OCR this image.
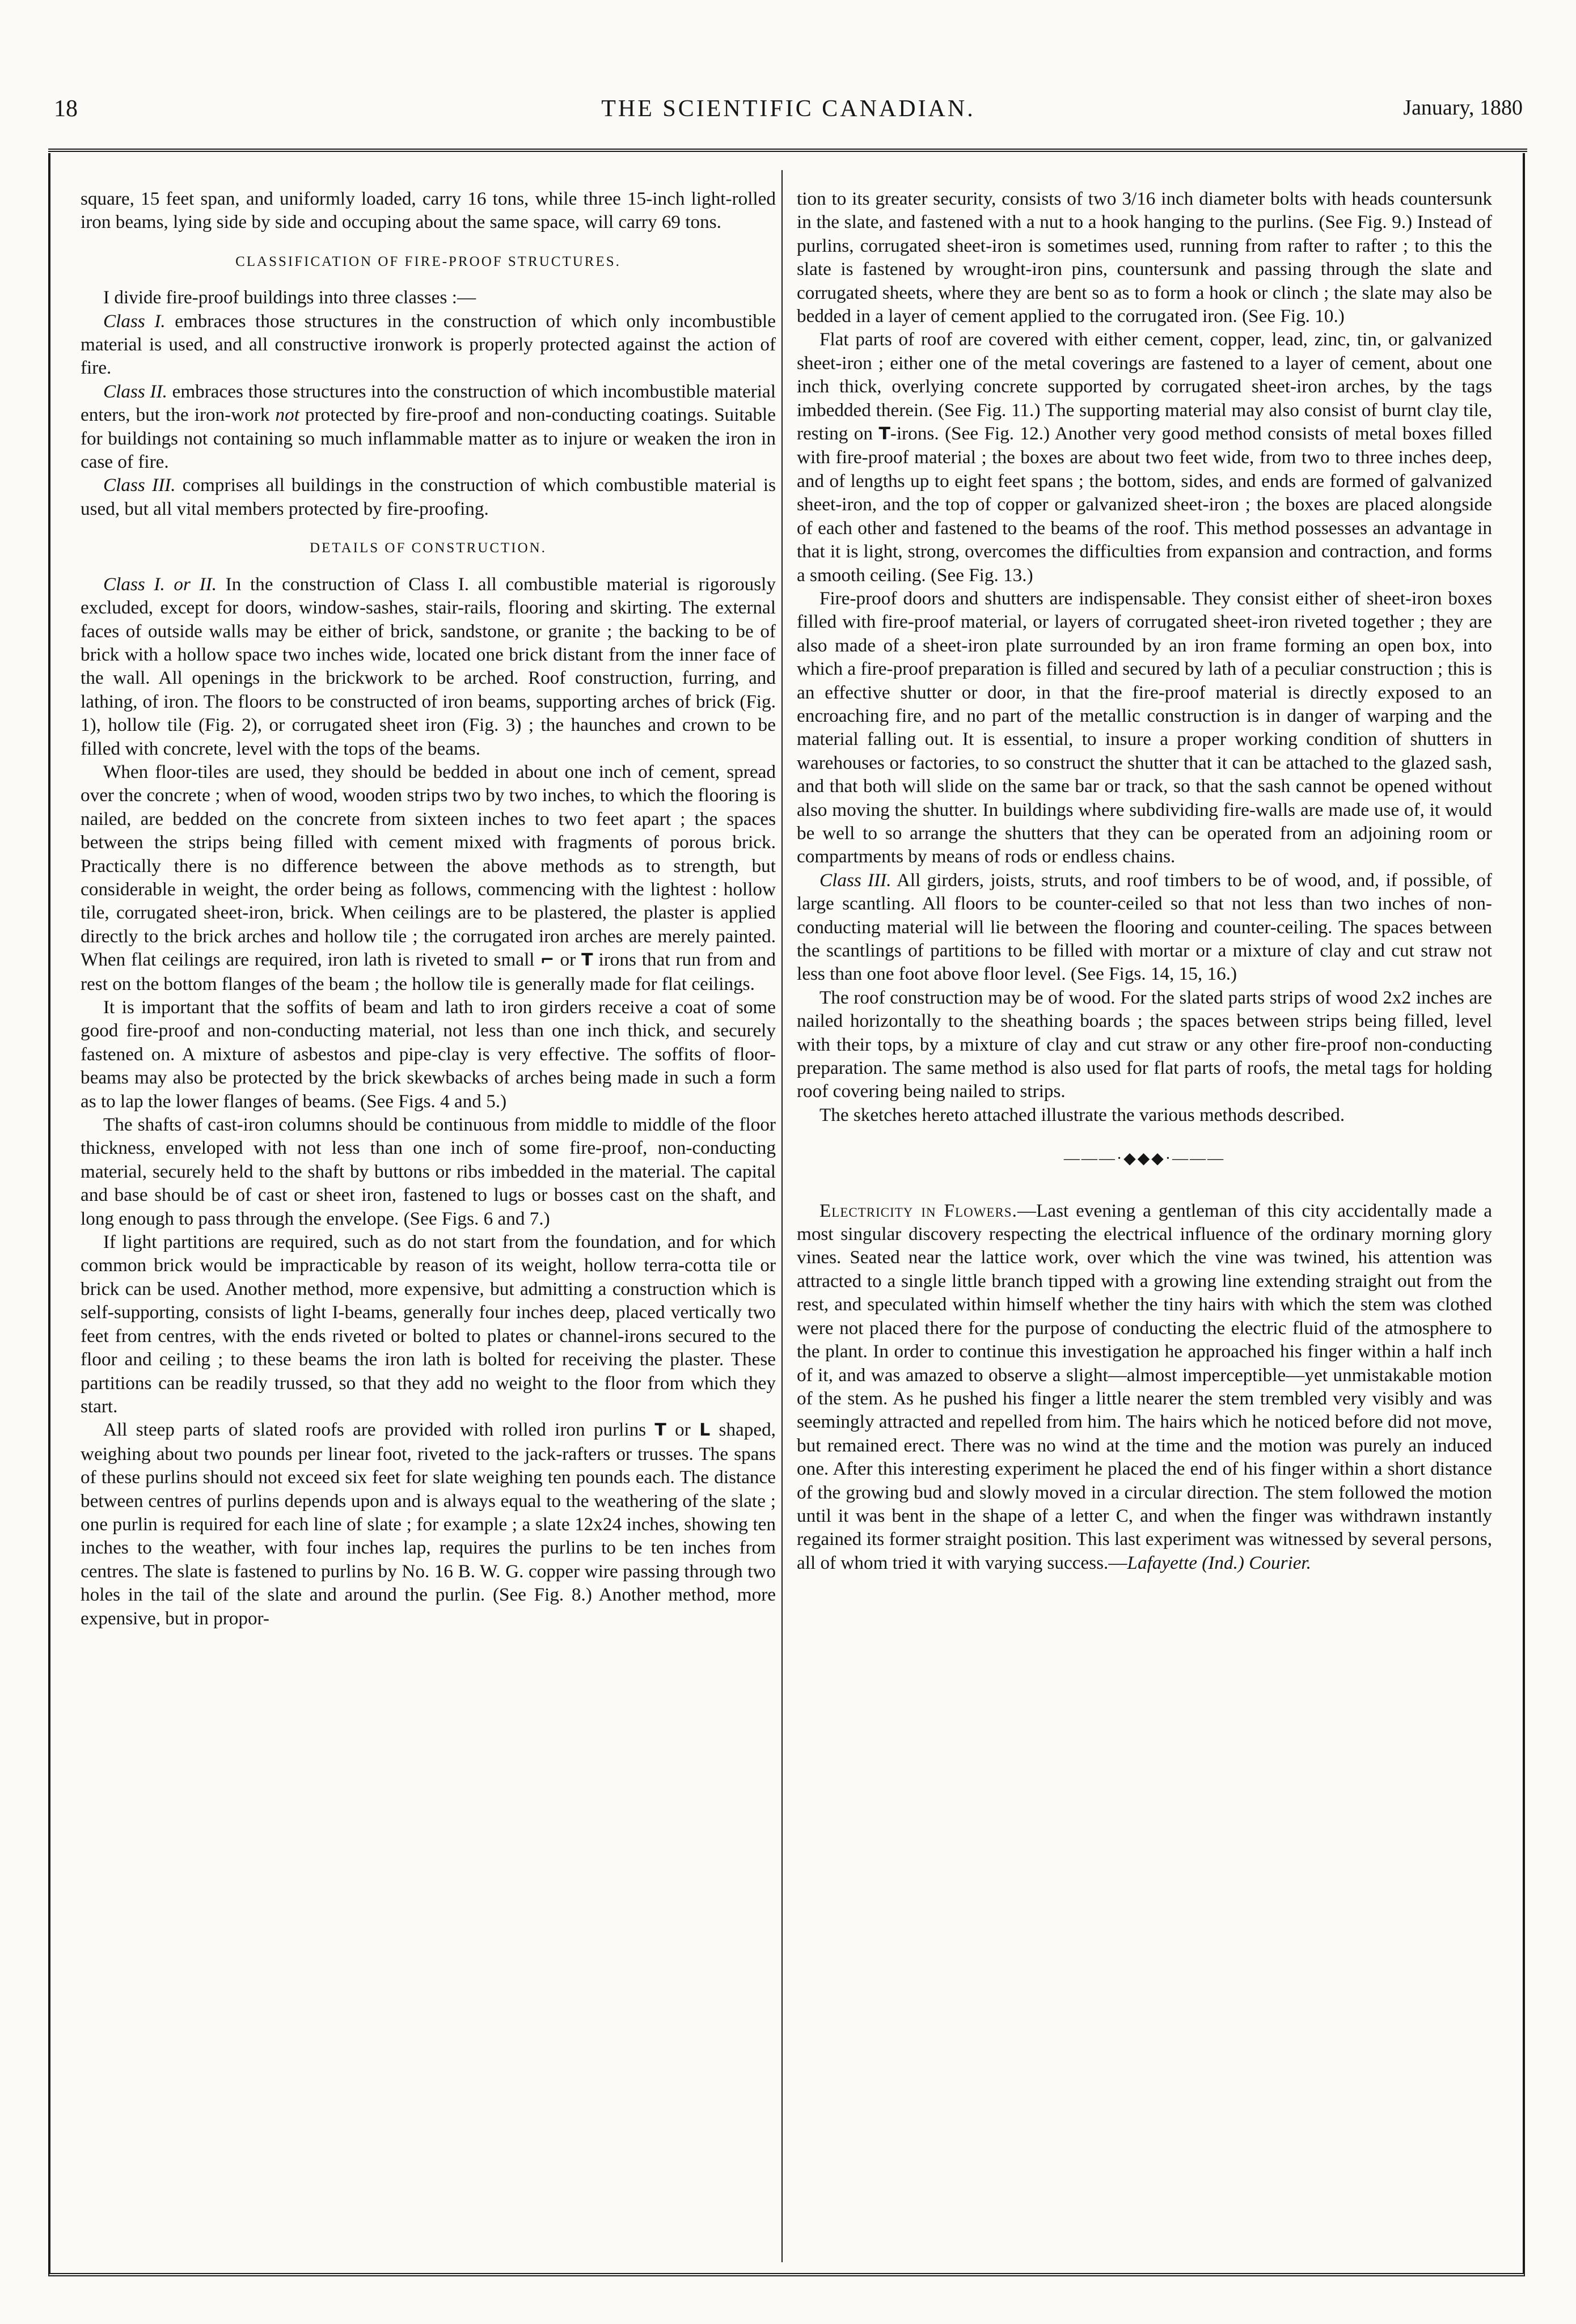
18	THE SCIENTIFIC CANADIAN.	January, 1880

square, 15 feet span, and uniformly loaded, carry 16 tons, while three 15-inch light-rolled iron beams, lying side by side and occuping about the same space, will carry 69 tons.

CLASSIFICATION OF FIRE-PROOF STRUCTURES.

I divide fire-proof buildings into three classes :—

Class I. embraces those structures in the construction of which only incombustible material is used, and all constructive ironwork is properly protected against the action of fire.

Class II. embraces those structures into the construction of which incombustible material enters, but the iron-work not protected by fire-proof and non-conducting coatings. Suitable for buildings not containing so much inflammable matter as to injure or weaken the iron in case of fire.

Class III. comprises all buildings in the construction of which combustible material is used, but all vital members protected by fire-proofing.

DETAILS OF CONSTRUCTION.

Class I. or II. In the construction of Class I. all combustible material is rigorously excluded, except for doors, window-sashes, stair-rails, flooring and skirting. The external faces of outside walls may be either of brick, sandstone, or granite ; the backing to be of brick with a hollow space two inches wide, located one brick distant from the inner face of the wall. All openings in the brickwork to be arched. Roof construction, furring, and lathing, of iron. The floors to be constructed of iron beams, supporting arches of brick (Fig. 1), hollow tile (Fig. 2), or corrugated sheet iron (Fig. 3) ; the haunches and crown to be filled with concrete, level with the tops of the beams.

When floor-tiles are used, they should be bedded in about one inch of cement, spread over the concrete ; when of wood, wooden strips two by two inches, to which the flooring is nailed, are bedded on the concrete from sixteen inches to two feet apart ; the spaces between the strips being filled with cement mixed with fragments of porous brick. Practically there is no difference between the above methods as to strength, but considerable in weight, the order being as follows, commencing with the lightest : hollow tile, corrugated sheet-iron, brick. When ceilings are to be plastered, the plaster is applied directly to the brick arches and hollow tile ; the corrugated iron arches are merely painted. When flat ceilings are required, iron lath is riveted to small ⌐ or T irons that run from and rest on the bottom flanges of the beam ; the hollow tile is generally made for flat ceilings.

It is important that the soffits of beam and lath to iron girders receive a coat of some good fire-proof and non-conducting material, not less than one inch thick, and securely fastened on. A mixture of asbestos and pipe-clay is very effective. The soffits of floor-beams may also be protected by the brick skewbacks of arches being made in such a form as to lap the lower flanges of beams. (See Figs. 4 and 5.)

The shafts of cast-iron columns should be continuous from middle to middle of the floor thickness, enveloped with not less than one inch of some fire-proof, non-conducting material, securely held to the shaft by buttons or ribs imbedded in the material. The capital and base should be of cast or sheet iron, fastened to lugs or bosses cast on the shaft, and long enough to pass through the envelope. (See Figs. 6 and 7.)

If light partitions are required, such as do not start from the foundation, and for which common brick would be impracticable by reason of its weight, hollow terra-cotta tile or brick can be used. Another method, more expensive, but admitting a construction which is self-supporting, consists of light I-beams, generally four inches deep, placed vertically two feet from centres, with the ends riveted or bolted to plates or channel-irons secured to the floor and ceiling ; to these beams the iron lath is bolted for receiving the plaster. These partitions can be readily trussed, so that they add no weight to the floor from which they start.

All steep parts of slated roofs are provided with rolled iron purlins T or L shaped, weighing about two pounds per linear foot, riveted to the jack-rafters or trusses. The spans of these purlins should not exceed six feet for slate weighing ten pounds each. The distance between centres of purlins depends upon and is always equal to the weathering of the slate ; one purlin is required for each line of slate ; for example ; a slate 12x24 inches, showing ten inches to the weather, with four inches lap, requires the purlins to be ten inches from centres. The slate is fastened to purlins by No. 16 B. W. G. copper wire passing through two holes in the tail of the slate and around the purlin. (See Fig. 8.) Another method, more expensive, but in propor-

tion to its greater security, consists of two 3/16 inch diameter bolts with heads countersunk in the slate, and fastened with a nut to a hook hanging to the purlins. (See Fig. 9.) Instead of purlins, corrugated sheet-iron is sometimes used, running from rafter to rafter ; to this the slate is fastened by wrought-iron pins, countersunk and passing through the slate and corrugated sheets, where they are bent so as to form a hook or clinch ; the slate may also be bedded in a layer of cement applied to the corrugated iron. (See Fig. 10.)

Flat parts of roof are covered with either cement, copper, lead, zinc, tin, or galvanized sheet-iron ; either one of the metal coverings are fastened to a layer of cement, about one inch thick, overlying concrete supported by corrugated sheet-iron arches, by the tags imbedded therein. (See Fig. 11.) The supporting material may also consist of burnt clay tile, resting on T-irons. (See Fig. 12.) Another very good method consists of metal boxes filled with fire-proof material ; the boxes are about two feet wide, from two to three inches deep, and of lengths up to eight feet spans ; the bottom, sides, and ends are formed of galvanized sheet-iron, and the top of copper or galvanized sheet-iron ; the boxes are placed alongside of each other and fastened to the beams of the roof. This method possesses an advantage in that it is light, strong, overcomes the difficulties from expansion and contraction, and forms a smooth ceiling. (See Fig. 13.)

Fire-proof doors and shutters are indispensable. They consist either of sheet-iron boxes filled with fire-proof material, or layers of corrugated sheet-iron riveted together ; they are also made of a sheet-iron plate surrounded by an iron frame forming an open box, into which a fire-proof preparation is filled and secured by lath of a peculiar construction ; this is an effective shutter or door, in that the fire-proof material is directly exposed to an encroaching fire, and no part of the metallic construction is in danger of warping and the material falling out. It is essential, to insure a proper working condition of shutters in warehouses or factories, to so construct the shutter that it can be attached to the glazed sash, and that both will slide on the same bar or track, so that the sash cannot be opened without also moving the shutter. In buildings where subdividing fire-walls are made use of, it would be well to so arrange the shutters that they can be operated from an adjoining room or compartments by means of rods or endless chains.

Class III. All girders, joists, struts, and roof timbers to be of wood, and, if possible, of large scantling. All floors to be counter-ceiled so that not less than two inches of non-conducting material will lie between the flooring and counter-ceiling. The spaces between the scantlings of partitions to be filled with mortar or a mixture of clay and cut straw not less than one foot above floor level. (See Figs. 14, 15, 16.)

The roof construction may be of wood. For the slated parts strips of wood 2x2 inches are nailed horizontally to the sheathing boards ; the spaces between strips being filled, level with their tops, by a mixture of clay and cut straw or any other fire-proof non-conducting preparation. The same method is also used for flat parts of roofs, the metal tags for holding roof covering being nailed to strips.

The sketches hereto attached illustrate the various methods described.

———·◆◆◆·———

Electricity in Flowers.—Last evening a gentleman of this city accidentally made a most singular discovery respecting the electrical influence of the ordinary morning glory vines. Seated near the lattice work, over which the vine was twined, his attention was attracted to a single little branch tipped with a growing line extending straight out from the rest, and speculated within himself whether the tiny hairs with which the stem was clothed were not placed there for the purpose of conducting the electric fluid of the atmosphere to the plant. In order to continue this investigation he approached his finger within a half inch of it, and was amazed to observe a slight—almost imperceptible—yet unmistakable motion of the stem. As he pushed his finger a little nearer the stem trembled very visibly and was seemingly attracted and repelled from him. The hairs which he noticed before did not move, but remained erect. There was no wind at the time and the motion was purely an induced one. After this interesting experiment he placed the end of his finger within a short distance of the growing bud and slowly moved in a circular direction. The stem followed the motion until it was bent in the shape of a letter C, and when the finger was withdrawn instantly regained its former straight position. This last experiment was witnessed by several persons, all of whom tried it with varying success.—Lafayette (Ind.) Courier.
